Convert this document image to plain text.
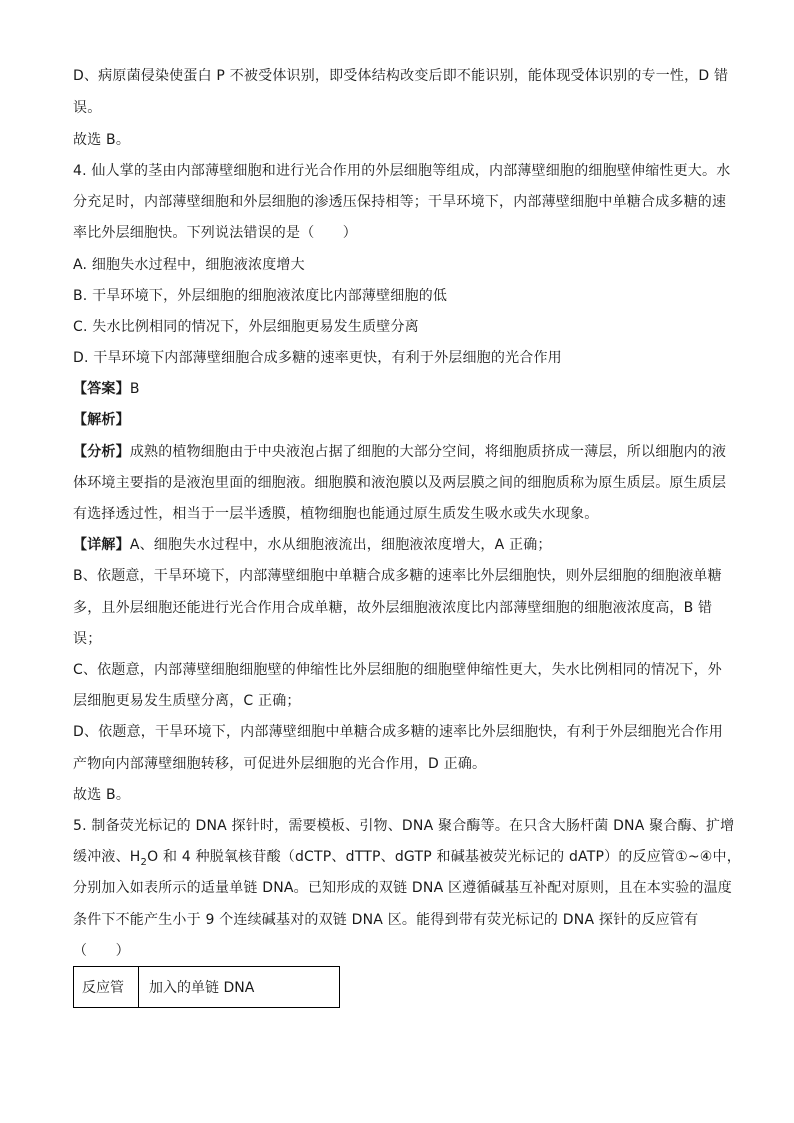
D、病原菌侵染使蛋白 P 不被受体识别，即受体结构改变后即不能识别，能体现受体识别的专一性，D 错
误。
故选 B。
4. 仙人掌的茎由内部薄壁细胞和进行光合作用的外层细胞等组成，内部薄壁细胞的细胞壁伸缩性更大。水
分充足时，内部薄壁细胞和外层细胞的渗透压保持相等；干旱环境下，内部薄壁细胞中单糖合成多糖的速
率比外层细胞快。下列说法错误的是（　　）
A. 细胞失水过程中，细胞液浓度增大
B. 干旱环境下，外层细胞的细胞液浓度比内部薄壁细胞的低
C. 失水比例相同的情况下，外层细胞更易发生质壁分离
D. 干旱环境下内部薄壁细胞合成多糖的速率更快，有利于外层细胞的光合作用
【答案】B
【解析】
【分析】成熟的植物细胞由于中央液泡占据了细胞的大部分空间，将细胞质挤成一薄层，所以细胞内的液
体环境主要指的是液泡里面的细胞液。细胞膜和液泡膜以及两层膜之间的细胞质称为原生质层。原生质层
有选择透过性，相当于一层半透膜，植物细胞也能通过原生质发生吸水或失水现象。
【详解】A、细胞失水过程中，水从细胞液流出，细胞液浓度增大，A 正确；
B、依题意，干旱环境下，内部薄壁细胞中单糖合成多糖的速率比外层细胞快，则外层细胞的细胞液单糖
多，且外层细胞还能进行光合作用合成单糖，故外层细胞液浓度比内部薄壁细胞的细胞液浓度高，B 错
误；
C、依题意，内部薄壁细胞细胞壁的伸缩性比外层细胞的细胞壁伸缩性更大，失水比例相同的情况下，外
层细胞更易发生质壁分离，C 正确；
D、依题意，干旱环境下，内部薄壁细胞中单糖合成多糖的速率比外层细胞快，有利于外层细胞光合作用
产物向内部薄壁细胞转移，可促进外层细胞的光合作用，D 正确。
故选 B。
5. 制备荧光标记的 DNA 探针时，需要模板、引物、DNA 聚合酶等。在只含大肠杆菌 DNA 聚合酶、扩增
缓冲液、$H_2O$ 和 4 种脱氧核苷酸（dCTP、dTTP、dGTP 和碱基被荧光标记的 dATP）的反应管①~④中，
分别加入如表所示的适量单链 DNA。已知形成的双链 DNA 区遵循碱基互补配对原则，且在本实验的温度
条件下不能产生小于 9 个连续碱基对的双链 DNA 区。能得到带有荧光标记的 DNA 探针的反应管有
（　　）
反应管	加入的单链 DNA
